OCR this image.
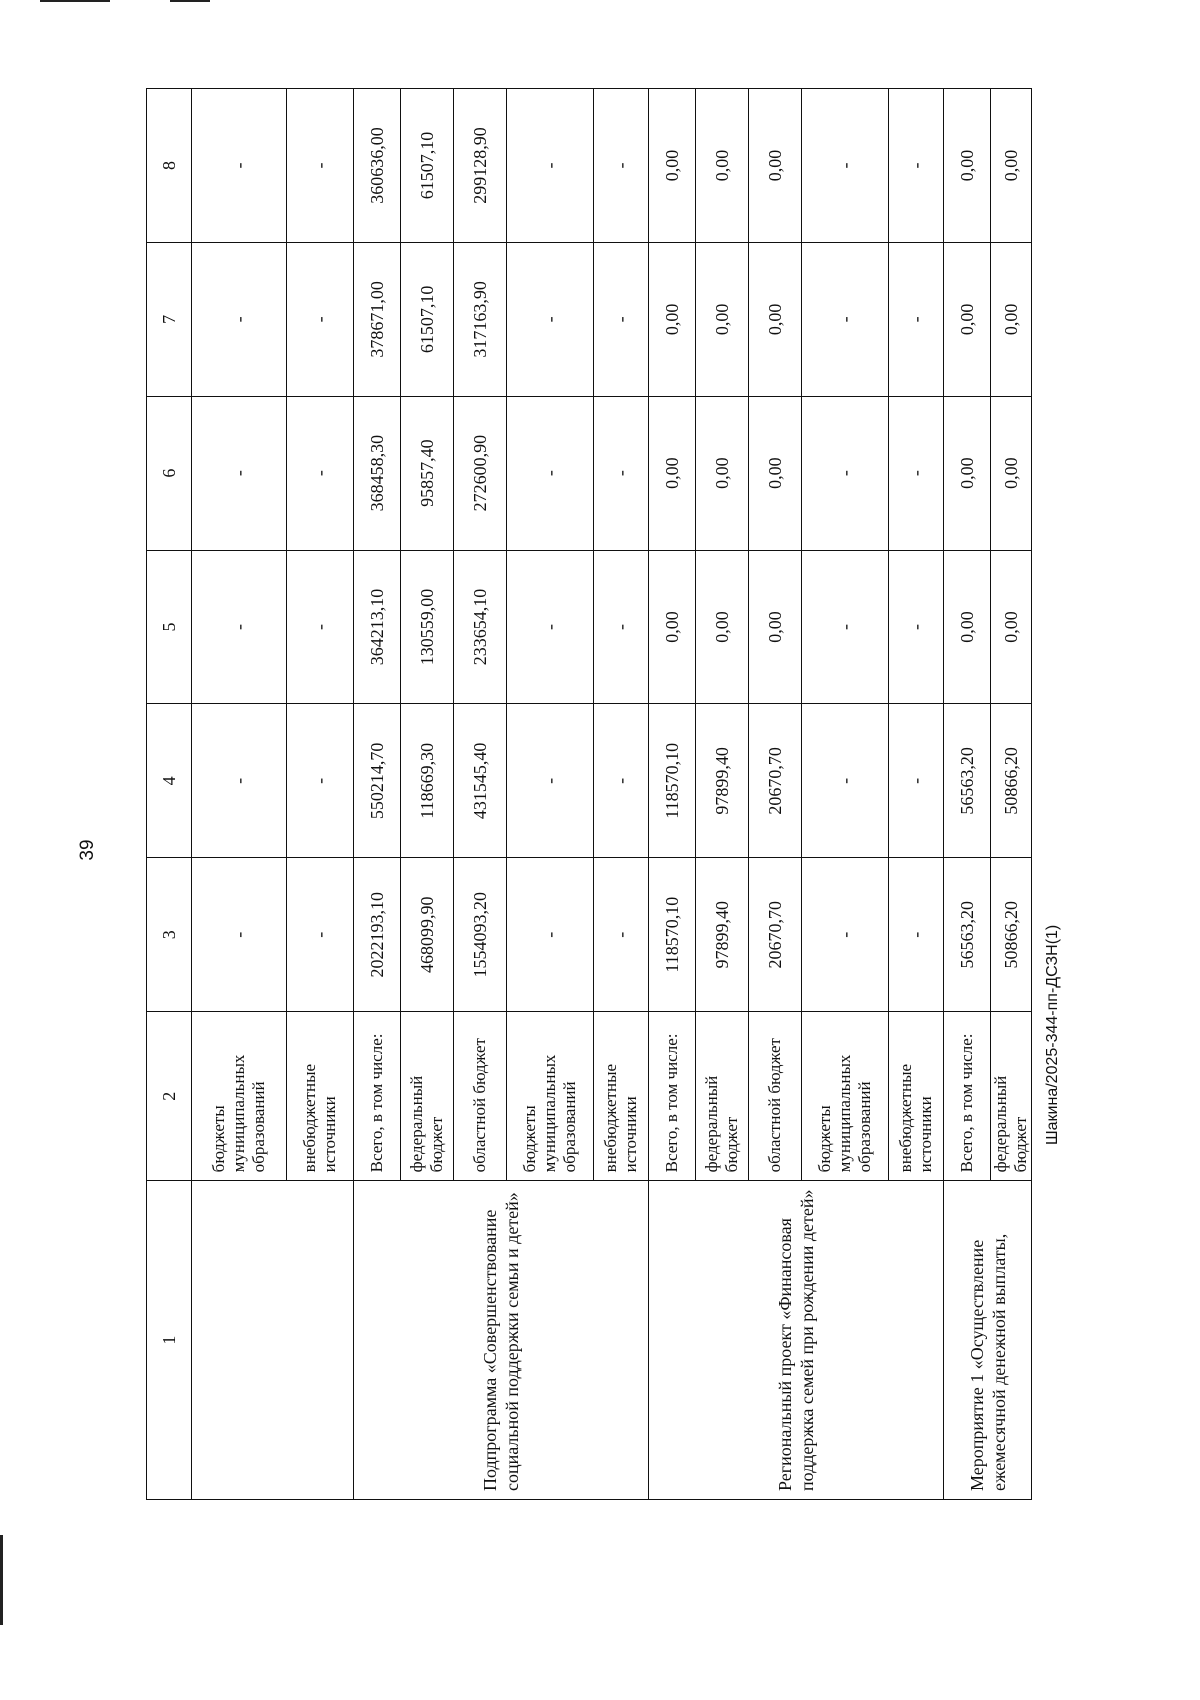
39
1	2	3	4	5	6	7	8
	бюджеты муниципальных образований	-	-	-	-	-	-
	внебюджетные источники	-	-	-	-	-	-
Подпрограмма «Совершенствование социальной поддержки семьи и детей»	Всего, в том числе:	2022193,10	550214,70	364213,10	368458,30	378671,00	360636,00
	федеральный бюджет	468099,90	118669,30	130559,00	95857,40	61507,10	61507,10
	областной бюджет	1554093,20	431545,40	233654,10	272600,90	317163,90	299128,90
	бюджеты муниципальных образований	-	-	-	-	-	-
	внебюджетные источники	-	-	-	-	-	-
Региональный проект «Финансовая поддержка семей при рождении детей»	Всего, в том числе:	118570,10	118570,10	0,00	0,00	0,00	0,00
	федеральный бюджет	97899,40	97899,40	0,00	0,00	0,00	0,00
	областной бюджет	20670,70	20670,70	0,00	0,00	0,00	0,00
	бюджеты муниципальных образований	-	-	-	-	-	-
	внебюджетные источники	-	-	-	-	-	-
Мероприятие 1 «Осуществление ежемесячной денежной выплаты,	Всего, в том числе:	56563,20	56563,20	0,00	0,00	0,00	0,00
	федеральный бюджет	50866,20	50866,20	0,00	0,00	0,00	0,00
Шакина/2025-344-пп-ДСЗН(1)
